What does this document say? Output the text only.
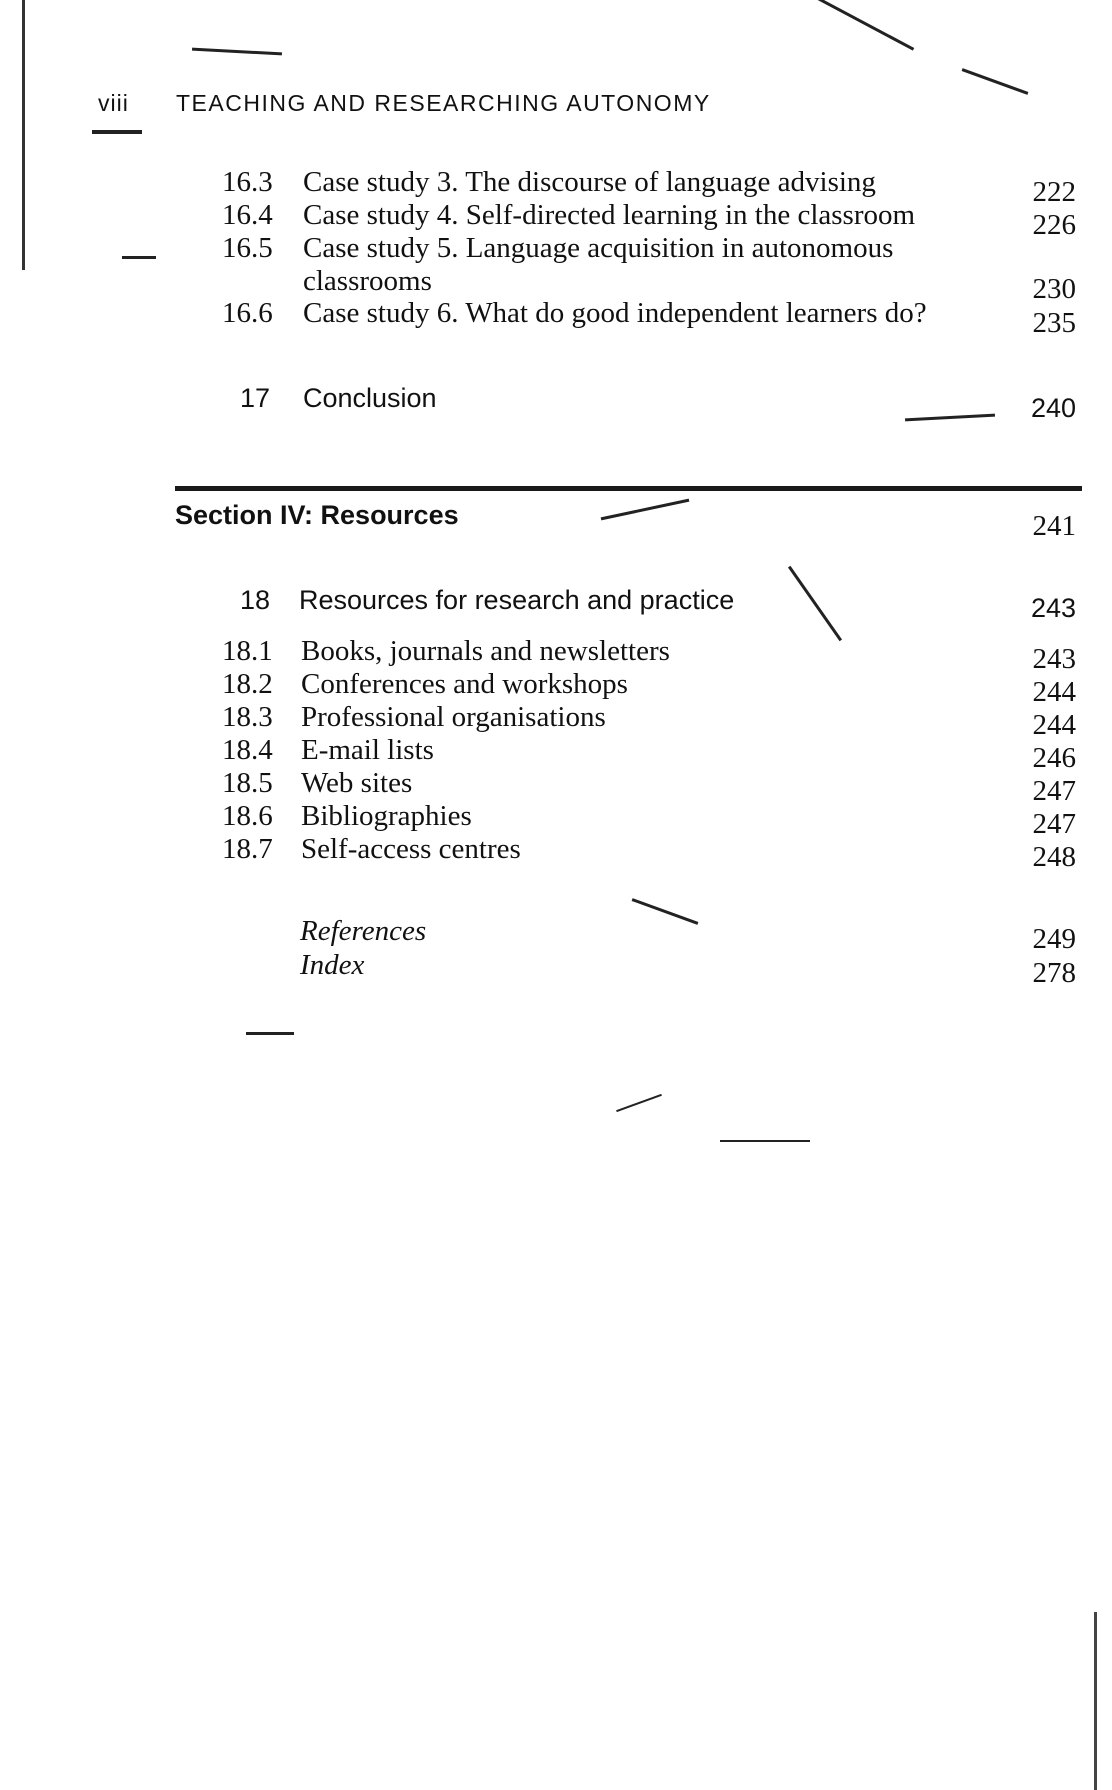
viii TEACHING AND RESEARCHING AUTONOMY
16.3 Case study 3. The discourse of language advising	222
16.4 Case study 4. Self-directed learning in the classroom	226
16.5 Case study 5. Language acquisition in autonomous
classrooms	230
16.6 Case study 6. What do good independent learners do?	235
17 Conclusion	240
Section IV: Resources	241
18 Resources for research and practice	243
18.1 Books, journals and newsletters	243
18.2 Conferences and workshops	244
18.3 Professional organisations	244
18.4 E-mail lists	246
18.5 Web sites	247
18.6 Bibliographies	247
18.7 Self-access centres	248
References	249
Index	278
